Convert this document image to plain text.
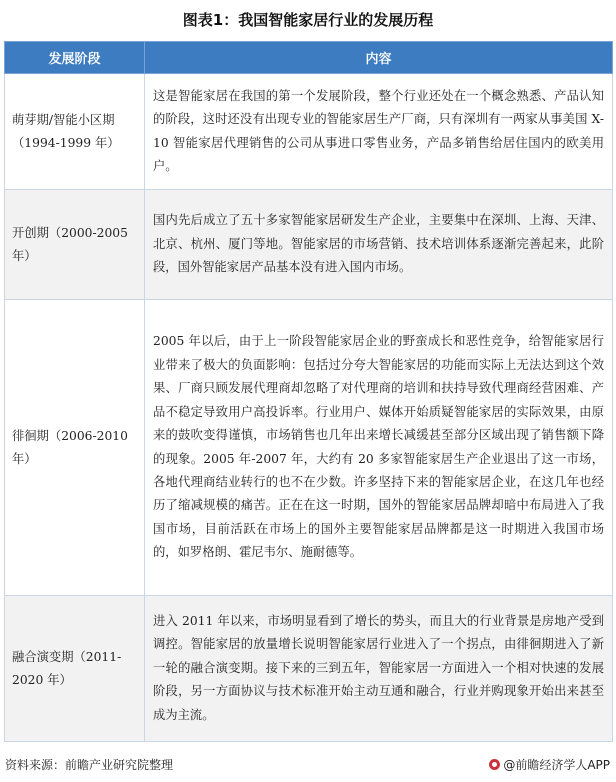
图表1：我国智能家居行业的发展历程
发展阶段	内容
萌芽期/智能小区期（1994-1999 年）	这是智能家居在我国的第一个发展阶段，整个行业还处在一个概念熟悉、产品认知的阶段，这时还没有出现专业的智能家居生产厂商，只有深圳有一两家从事美国 X-10 智能家居代理销售的公司从事进口零售业务，产品多销售给居住国内的欧美用户。
开创期（2000-2005 年）	国内先后成立了五十多家智能家居研发生产企业，主要集中在深圳、上海、天津、北京、杭州、厦门等地。智能家居的市场营销、技术培训体系逐渐完善起来，此阶段，国外智能家居产品基本没有进入国内市场。
徘徊期（2006-2010 年）	2005 年以后，由于上一阶段智能家居企业的野蛮成长和恶性竞争，给智能家居行业带来了极大的负面影响：包括过分夸大智能家居的功能而实际上无法达到这个效果、厂商只顾发展代理商却忽略了对代理商的培训和扶持导致代理商经营困难、产品不稳定导致用户高投诉率。行业用户、媒体开始质疑智能家居的实际效果，由原来的鼓吹变得谨慎，市场销售也几年出来增长减缓甚至部分区域出现了销售额下降的现象。2005 年-2007 年，大约有 20 多家智能家居生产企业退出了这一市场，各地代理商结业转行的也不在少数。许多坚持下来的智能家居企业，在这几年也经历了缩减规模的痛苦。正在在这一时期，国外的智能家居品牌却暗中布局进入了我国市场，目前活跃在市场上的国外主要智能家居品牌都是这一时期进入我国市场的，如罗格朗、霍尼韦尔、施耐德等。
融合演变期（2011-2020 年）	进入 2011 年以来，市场明显看到了增长的势头，而且大的行业背景是房地产受到调控。智能家居的放量增长说明智能家居行业进入了一个拐点，由徘徊期进入了新一轮的融合演变期。接下来的三到五年，智能家居一方面进入一个相对快速的发展阶段，另一方面协议与技术标准开始主动互通和融合，行业并购现象开始出来甚至成为主流。
资料来源：前瞻产业研究院整理	@前瞻经济学人APP
